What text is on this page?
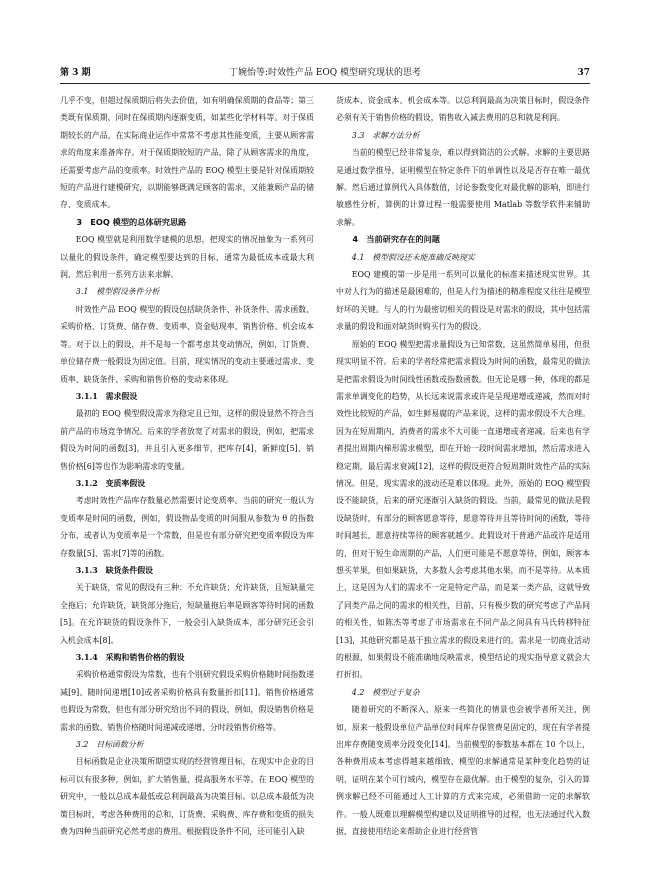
第 3 期	丁婉怡等:时效性产品 EOQ 模型研究现状的思考	37

几乎不变，但超过保质期后将失去价值，如有明确保质期的食品等；第三类既有保质期，同时在保质期内逐渐变质，如某些化学材料等。对于保质期较长的产品，在实际商业运作中常常不考虑其性能变质，主要从顾客需求的角度来准备库存。对于保质期较短的产品，除了从顾客需求的角度，还需要考虑产品的变质率。时效性产品的 EOQ 模型主要是针对保质期较短的产品进行建模研究，以期能够既满足顾客的需求，又能兼顾产品的储存、变质成本。

3　EOQ 模型的总体研究思路

EOQ 模型就是利用数学建模的思想，把现实的情况抽象为一系列可以量化的假设条件，确定模型要达到的目标，通常为最低成本或最大利润，然后利用一系列方法来求解。

3.1　模型假设条件分析

时效性产品 EOQ 模型的假设包括缺货条件、补货条件、需求函数、采购价格、订货费、储存费、变质率、资金贴现率、销售价格、机会成本等。对于以上的假设，并不是每一个都考虑其变动情况，例如，订货费、单位储存费一般假设为固定值。目前，现实情况的变动主要通过需求、变质率、缺货条件、采购和销售价格的变动来体现。

3.1.1　需求假设

最初的 EOQ 模型假设需求为稳定且已知，这样的假设显然不符合当前产品的市场竞争情况。后来的学者放宽了对需求的假设，例如，把需求假设为时间的函数[3]，并且引入更多细节，把库存[4]、新鲜度[5]、销售价格[6]等也作为影响需求的变量。

3.1.2　变质率假设

考虑时效性产品库存数量必然需要讨论变质率。当前的研究一般认为变质率是时间的函数，例如，假设物品变质的时间服从参数为 θ 的指数分布，或者认为变质率是一个常数，但是也有部分研究把变质率假设为库存数量[5]、需求[7]等的函数。

3.1.3　缺货条件假设

关于缺货，常见的假设有三种：不允许缺货；允许缺货，且短缺量完全拖后；允许缺货，缺货部分拖后，短缺量拖后率是顾客等待时间的函数[5]。在允许缺货的假设条件下，一般会引入缺货成本，部分研究还会引入机会成本[8]。

3.1.4　采购和销售价格的假设

采购价格通常假设为常数，也有个别研究假设采购价格随时间指数递减[9]、随时间递增[10]或者采购价格具有数量折扣[11]。销售价格通常也假设为常数，但也有部分研究给出不同的假设，例如，假设销售价格是需求的函数、销售价格随时间递减或递增、分时段销售价格等。

3.2　目标函数分析

目标函数是企业决策所期望实现的经营管理目标，在现实中企业的目标可以有很多种，例如，扩大销售量、提高服务水平等。在 EOQ 模型的研究中，一般以总成本最低或总利润最高为决策目标。以总成本最低为决策目标时，考虑各种费用的总和，订货费、采购费、库存费和变质的损失费为四种当前研究必然考虑的费用。根据假设条件不同，还可能引入缺

货成本、资金成本、机会成本等。以总利润最高为决策目标时，假设条件必须有关于销售价格的假设，销售收入减去费用的总和就是利润。

3.3　求解方法分析

当前的模型已经非常复杂，难以得到简洁的公式解。求解的主要思路是通过数学推导，证明模型在特定条件下的单调性以及是否存在唯一最优解。然后通过算例代入具体数值，讨论参数变化对最优解的影响，即进行敏感性分析，算例的计算过程一般需要使用 Matlab 等数学软件来辅助求解。

4　当前研究存在的问题

4.1　模型假设还未能准确反映现实

EOQ 建模的第一步是用一系列可以量化的标准来描述现实世界。其中对人行为的描述是最困难的，但是人行为描述的精准程度又往往是模型好坏的关键。与人的行为最密切相关的假设是对需求的假设，其中包括需求量的假设和面对缺货时购买行为的假设。

原始的 EOQ 模型把需求量假设为已知常数，这虽然简单易用，但很现实明显不符。后来的学者经常把需求假设为时间的函数，最常见的做法是把需求假设为时间线性函数或指数函数。但无论是哪一种，体现的都是需求单调变化的趋势，从长远来说需求或许是呈现递增或递减，然而对时效性比较短的产品，如生鲜易腐的产品来说，这样的需求假设不大合理。因为在短周期内，消费者的需求不大可能一直递增或者递减。后来也有学者提出周期内梯形需求模型，即在开始一段时间需求增加，然后需求进入稳定期，最后需求衰减[12]，这样的假设更符合短周期时效性产品的实际情况。但是，现实需求的波动还是难以体现。此外，原始的 EOQ 模型假设不能缺货，后来的研究逐渐引入缺货的假设。当前，最常见的做法是假设缺货时，有部分的顾客愿意等待，愿意等待并且等待时间的函数，等待时间越长，愿意持续等待的顾客就越少。此假设对于普通产品或许是适用的，但对于短生命周期的产品，人们更可能是不愿意等待，例如，顾客本想买苹果，但如果缺货，大多数人会考虑其他水果，而不是等待。从本质上，这是因为人们的需求不一定是特定产品，而是某一类产品，这就导致了同类产品之间的需求的相关性，目前，只有极少数的研究考虑了产品间的相关性，如陈杰等考虑了市场需求在不同产品之间具有马氏转移特征[13]，其他研究都是基于独立需求的假设来进行的。需求是一切商业活动的根源，如果假设不能准确地反映需求，模型结论的现实指导意义就会大打折扣。

4.2　模型过于复杂

随着研究的不断深入，原来一些简化的情景也会被学者所关注，例如，原来一般假设单位产品单位时间库存保管费是固定的，现在有学者提出库存费随变质率分段变化[14]。当前模型的参数基本都在 10 个以上，各种费用成本考虑得越来越细致，模型的求解通常是某种变化趋势的证明，证明在某个可行域内，模型存在最优解。由于模型的复杂，引入的算例求解已经不可能通过人工计算的方式来完成，必须借助一定的求解软件。一般人既难以理解模型构建以及证明推导的过程，也无法通过代入数据，直接使用结论来帮助企业进行经营管
